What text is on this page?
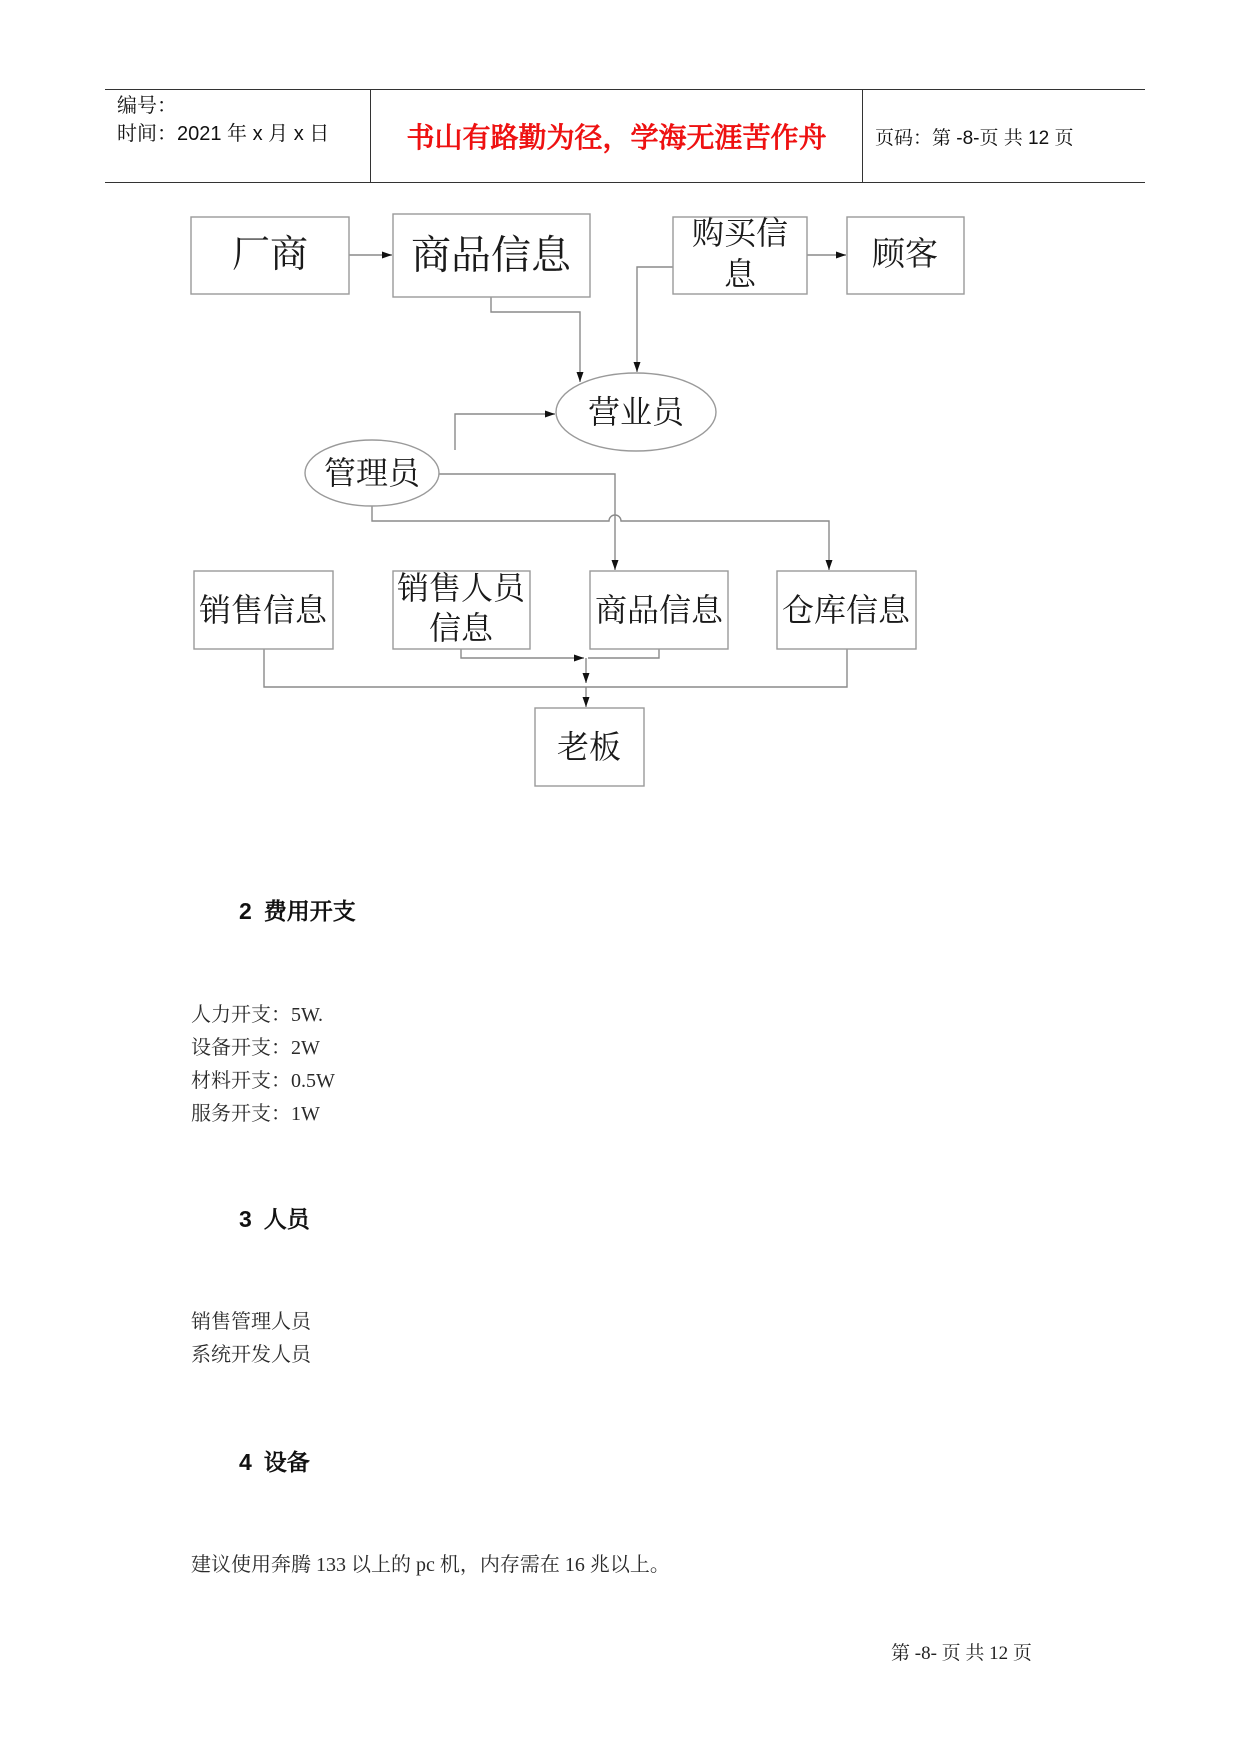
厂商	商品信息	购买信
息
顾客
营业员
管理员
销售信息
销售人员
信息	商品信息 仓库信息
老板
编号：
时间：2021 年 x 月 x 日	书山有路勤为径，学海无涯苦作舟	页码：第 -8-页 共 12 页
2 费用开支
人力开支：5W.
设备开支：2W
材料开支：0.5W
服务开支：1W
3 人员
销售管理人员
系统开发人员
4 设备
建议使用奔腾 133 以上的 pc 机，内存需在 16 兆以上。
第 -8- 页 共 12 页
